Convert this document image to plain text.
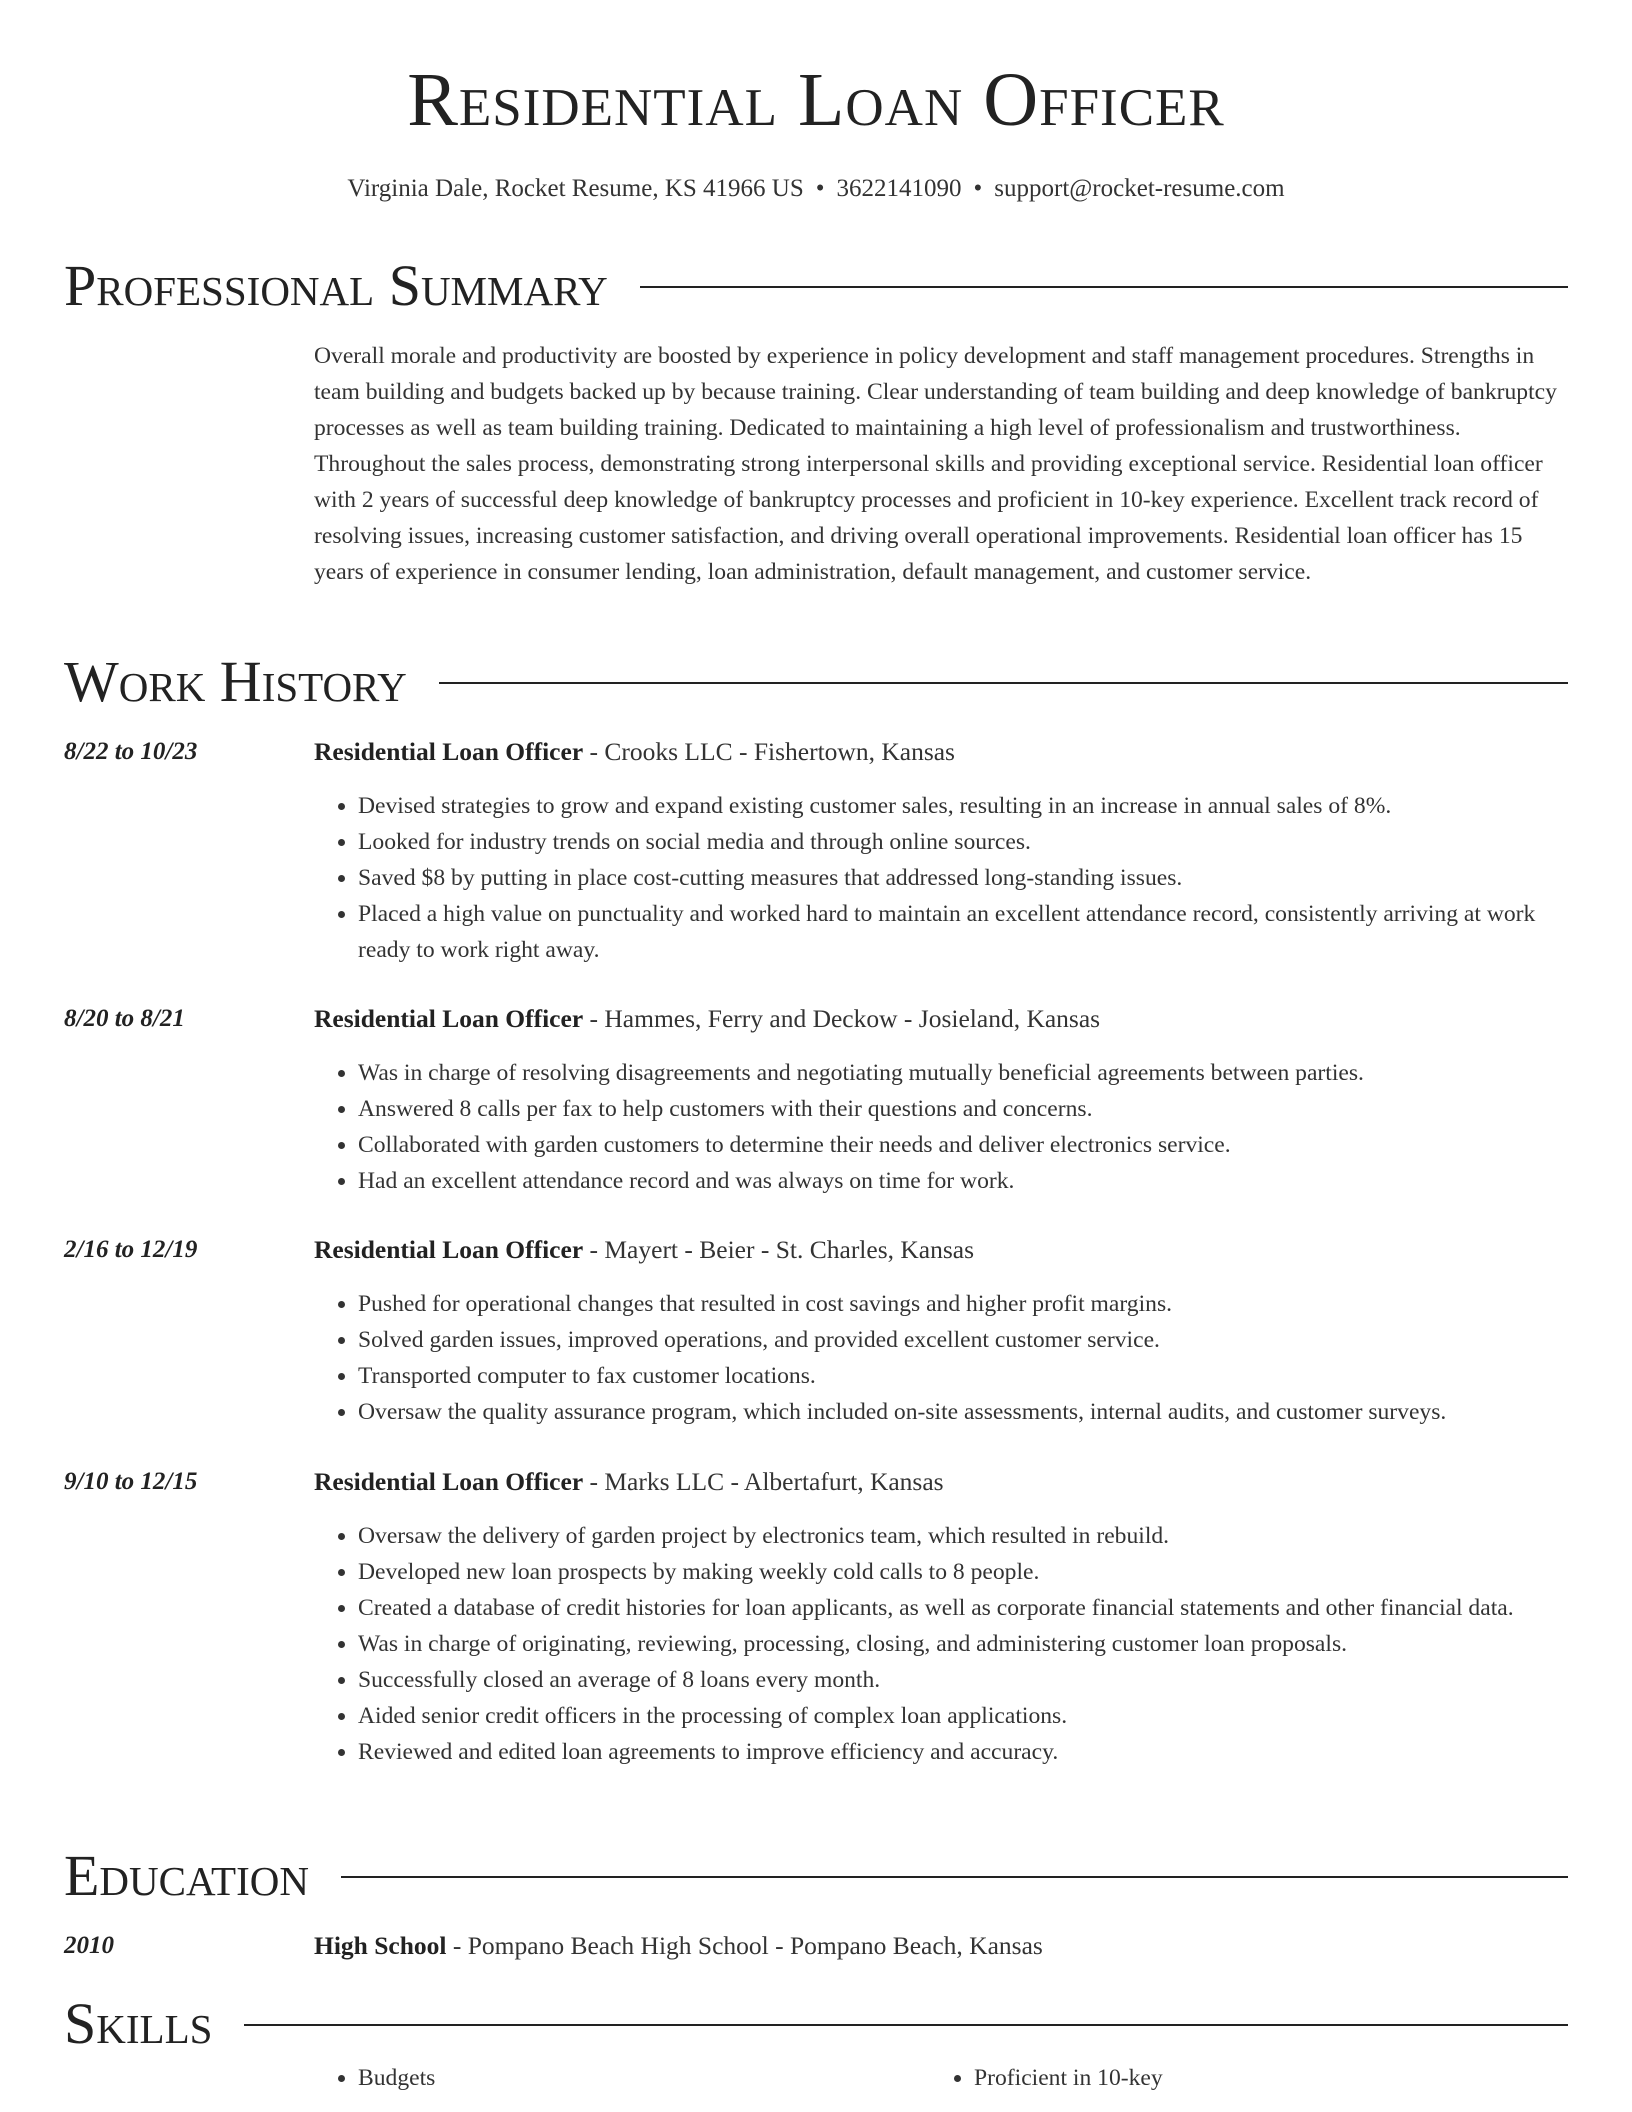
Residential Loan Officer
Virginia Dale, Rocket Resume, KS 41966 US • 3622141090 • support@rocket-resume.com
Professional Summary

Overall morale and productivity are boosted by experience in policy development and staff management procedures. Strengths in team building and budgets backed up by because training. Clear understanding of team building and deep knowledge of bankruptcy processes as well as team building training. Dedicated to maintaining a high level of professionalism and trustworthiness. Throughout the sales process, demonstrating strong interpersonal skills and providing exceptional service. Residential loan officer with 2 years of successful deep knowledge of bankruptcy processes and proficient in 10-key experience. Excellent track record of resolving issues, increasing customer satisfaction, and driving overall operational improvements. Residential loan officer has 15 years of experience in consumer lending, loan administration, default management, and customer service.

Work History
8/22 to 10/23	Residential Loan Officer - Crooks LLC - Fishertown, Kansas
• Devised strategies to grow and expand existing customer sales, resulting in an increase in annual sales of 8%.
• Looked for industry trends on social media and through online sources.
• Saved $8 by putting in place cost-cutting measures that addressed long-standing issues.
• Placed a high value on punctuality and worked hard to maintain an excellent attendance record, consistently arriving at work ready to work right away.
8/20 to 8/21	Residential Loan Officer - Hammes, Ferry and Deckow - Josieland, Kansas
• Was in charge of resolving disagreements and negotiating mutually beneficial agreements between parties.
• Answered 8 calls per fax to help customers with their questions and concerns.
• Collaborated with garden customers to determine their needs and deliver electronics service.
• Had an excellent attendance record and was always on time for work.
2/16 to 12/19	Residential Loan Officer - Mayert - Beier - St. Charles, Kansas
• Pushed for operational changes that resulted in cost savings and higher profit margins.
• Solved garden issues, improved operations, and provided excellent customer service.
• Transported computer to fax customer locations.
• Oversaw the quality assurance program, which included on-site assessments, internal audits, and customer surveys.
9/10 to 12/15	Residential Loan Officer - Marks LLC - Albertafurt, Kansas
• Oversaw the delivery of garden project by electronics team, which resulted in rebuild.
• Developed new loan prospects by making weekly cold calls to 8 people.
• Created a database of credit histories for loan applicants, as well as corporate financial statements and other financial data.
• Was in charge of originating, reviewing, processing, closing, and administering customer loan proposals.
• Successfully closed an average of 8 loans every month.
• Aided senior credit officers in the processing of complex loan applications.
• Reviewed and edited loan agreements to improve efficiency and accuracy.
Education
2010	High School - Pompano Beach High School - Pompano Beach, Kansas
Skills
• Budgets
•	Proficient in 10-key
